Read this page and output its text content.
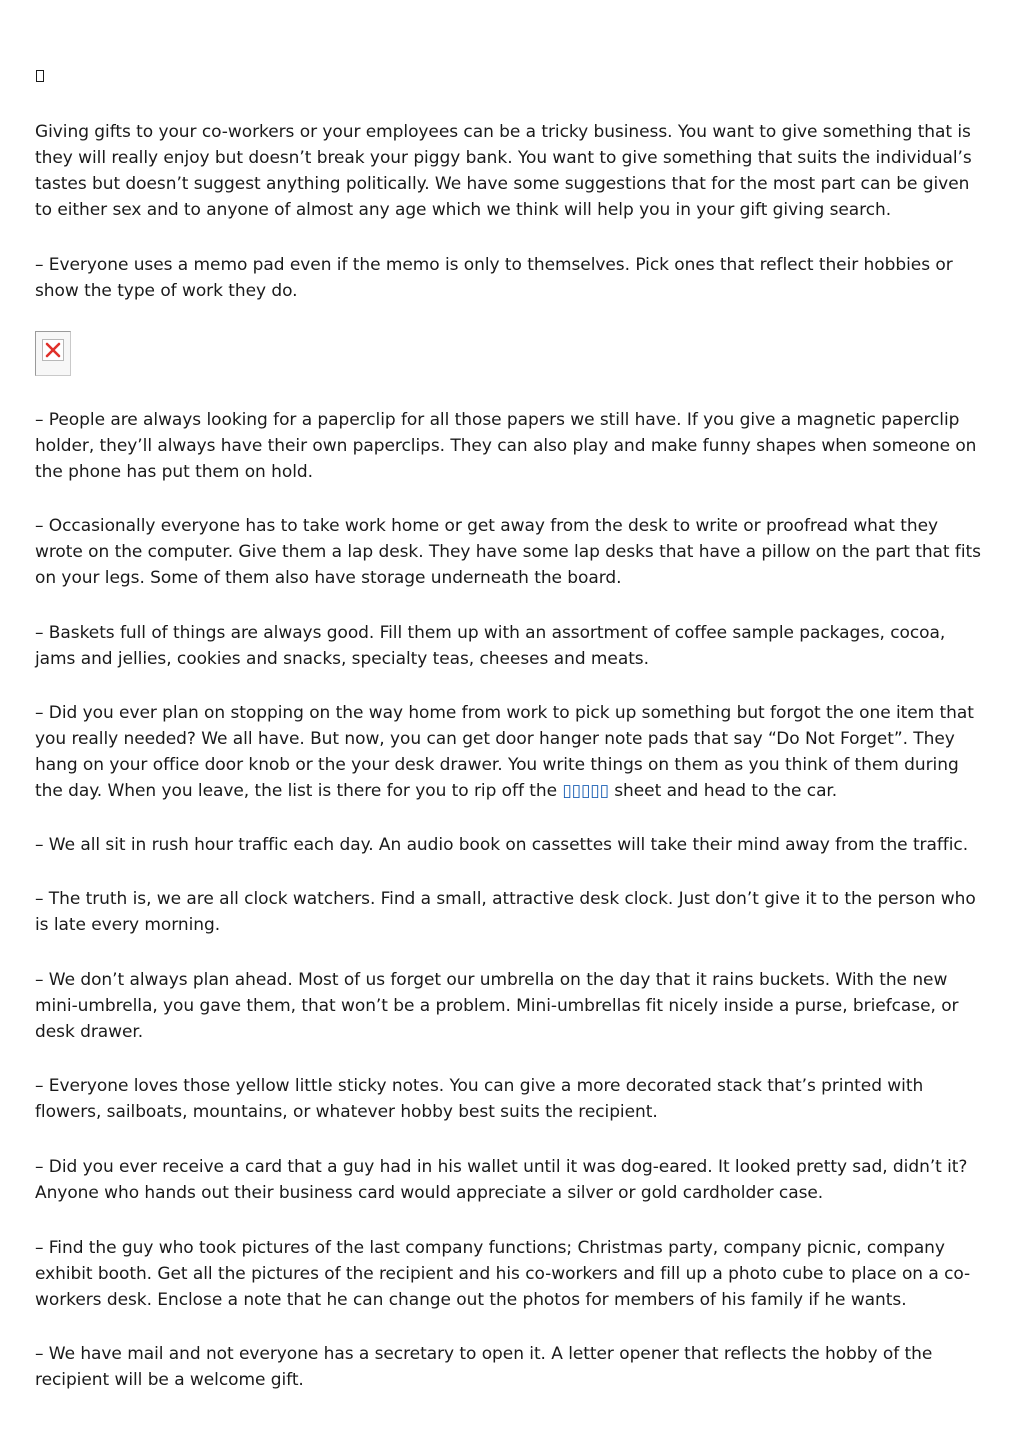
Giving gifts to your co-workers or your employees can be a tricky business. You want to give something that is they will really enjoy but doesn’t break your piggy bank. You want to give something that suits the individual’s tastes but doesn’t suggest anything politically. We have some suggestions that for the most part can be given to either sex and to anyone of almost any age which we think will help you in your gift giving search.

– Everyone uses a memo pad even if the memo is only to themselves. Pick ones that reflect their hobbies or show the type of work they do.

– People are always looking for a paperclip for all those papers we still have. If you give a magnetic paperclip holder, they’ll always have their own paperclips. They can also play and make funny shapes when someone on the phone has put them on hold.

– Occasionally everyone has to take work home or get away from the desk to write or proofread what they wrote on the computer. Give them a lap desk. They have some lap desks that have a pillow on the part that fits on your legs. Some of them also have storage underneath the board.

– Baskets full of things are always good. Fill them up with an assortment of coffee sample packages, cocoa, jams and jellies, cookies and snacks, specialty teas, cheeses and meats.

– Did you ever plan on stopping on the way home from work to pick up something but forgot the one item that you really needed? We all have. But now, you can get door hanger note pads that say “Do Not Forget”. They hang on your office door knob or the your desk drawer. You write things on them as you think of them during the day. When you leave, the list is there for you to rip off the ▯▯▯▯▯ sheet and head to the car.

– We all sit in rush hour traffic each day. An audio book on cassettes will take their mind away from the traffic.

– The truth is, we are all clock watchers. Find a small, attractive desk clock. Just don’t give it to the person who is late every morning.

– We don’t always plan ahead. Most of us forget our umbrella on the day that it rains buckets. With the new mini-umbrella, you gave them, that won’t be a problem. Mini-umbrellas fit nicely inside a purse, briefcase, or desk drawer.

– Everyone loves those yellow little sticky notes. You can give a more decorated stack that’s printed with flowers, sailboats, mountains, or whatever hobby best suits the recipient.

– Did you ever receive a card that a guy had in his wallet until it was dog-eared. It looked pretty sad, didn’t it? Anyone who hands out their business card would appreciate a silver or gold cardholder case.

– Find the guy who took pictures of the last company functions; Christmas party, company picnic, company exhibit booth. Get all the pictures of the recipient and his co-workers and fill up a photo cube to place on a co-workers desk. Enclose a note that he can change out the photos for members of his family if he wants.

– We have mail and not everyone has a secretary to open it. A letter opener that reflects the hobby of the recipient will be a welcome gift.
